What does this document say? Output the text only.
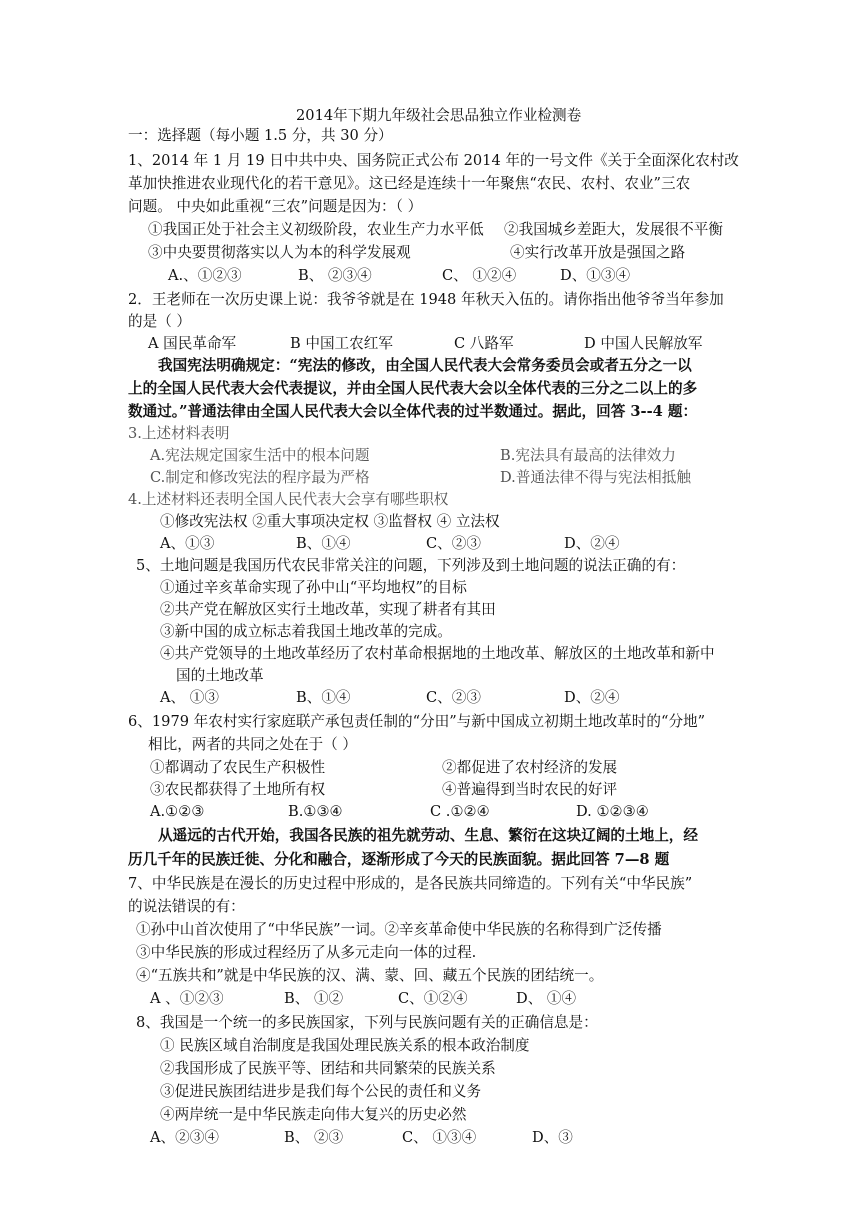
2014年下期九年级社会思品独立作业检测卷
一：选择题（每小题 1.5 分，共 30 分）
1、2014 年 1 月 19 日中共中央、国务院正式公布 2014 年的一号文件《关于全面深化农村改
革加快推进农业现代化的若干意见》。这已经是连续十一年聚焦“农民、农村、农业”三农
问题。 中央如此重视“三农”问题是因为：（ ）
①我国正处于社会主义初级阶段，农业生产力水平低 ②我国城乡差距大，发展很不平衡
③中央要贯彻落实以人为本的科学发展观	④实行改革开放是强国之路
A.、①②③	B、 ②③④	C、 ①②④	D、①③④
2．王老师在一次历史课上说：我爷爷就是在 1948 年秋天入伍的。请你指出他爷爷当年参加
的是（ ）
A 国民革命军	B 中国工农红军	C 八路军	D 中国人民解放军
我国宪法明确规定：“宪法的修改，由全国人民代表大会常务委员会或者五分之一以
上的全国人民代表大会代表提议，并由全国人民代表大会以全体代表的三分之二以上的多
数通过。”普通法律由全国人民代表大会以全体代表的过半数通过。据此，回答 3--4 题：
3.上述材料表明
A.宪法规定国家生活中的根本问题	B.宪法具有最高的法律效力
C.制定和修改宪法的程序最为严格	D.普通法律不得与宪法相抵触
4.上述材料还表明全国人民代表大会享有哪些职权
①修改宪法权 ②重大事项决定权 ③监督权 ④ 立法权
A、①③	B、①④	C、②③	D、②④
5、土地问题是我国历代农民非常关注的问题，下列涉及到土地问题的说法正确的有：
①通过辛亥革命实现了孙中山“平均地权”的目标
②共产党在解放区实行土地改革，实现了耕者有其田
③新中国的成立标志着我国土地改革的完成。
④共产党领导的土地改革经历了农村革命根据地的土地改革、解放区的土地改革和新中
国的土地改革
A、 ①③	B、①④	C、②③	D、②④
6、1979 年农村实行家庭联产承包责任制的“分田”与新中国成立初期土地改革时的“分地”
相比，两者的共同之处在于（ ）
①都调动了农民生产积极性	②都促进了农村经济的发展
③农民都获得了土地所有权	④普遍得到当时农民的好评
A.①②③	B.①③④	C .①②④	D. ①②③④
从遥远的古代开始，我国各民族的祖先就劳动、生息、繁衍在这块辽阔的土地上，经
历几千年的民族迁徙、分化和融合，逐渐形成了今天的民族面貌。据此回答 7—8 题
7、中华民族是在漫长的历史过程中形成的，是各民族共同缔造的。下列有关“中华民族”
的说法错误的有：
①孙中山首次使用了“中华民族”一词。②辛亥革命使中华民族的名称得到广泛传播
③中华民族的形成过程经历了从多元走向一体的过程.
④“五族共和”就是中华民族的汉、满、蒙、回、藏五个民族的团结统一。
A 、①②③	B、 ①②	C、①②④	D、 ①④
8、我国是一个统一的多民族国家，下列与民族问题有关的正确信息是：
① 民族区域自治制度是我国处理民族关系的根本政治制度
②我国形成了民族平等、团结和共同繁荣的民族关系
③促进民族团结进步是我们每个公民的责任和义务
④两岸统一是中华民族走向伟大复兴的历史必然
A、②③④	B、 ②③	C、 ①③④	D、③
